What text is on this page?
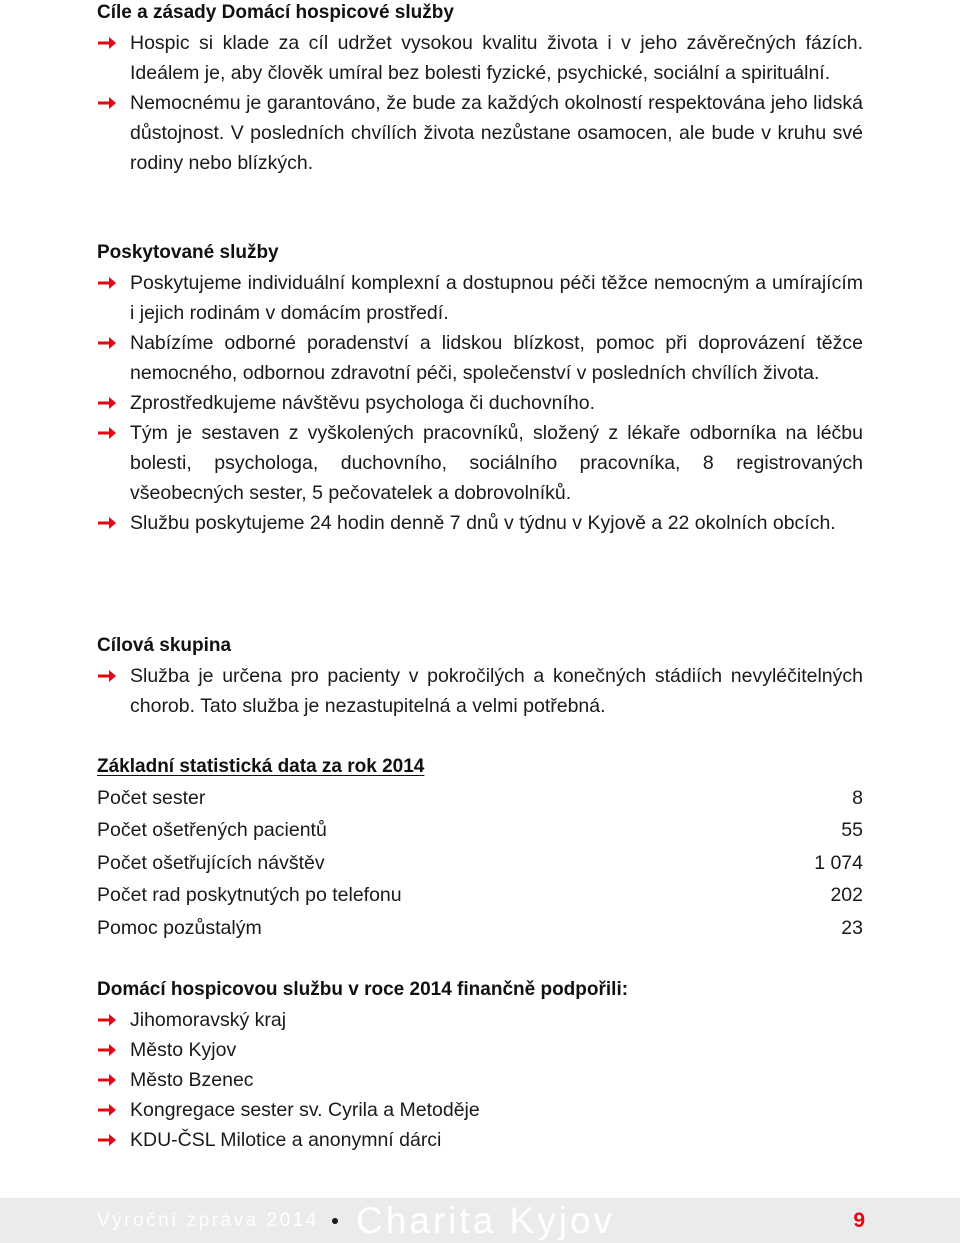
Cíle a zásady Domácí hospicové služby
Hospic si klade za cíl udržet vysokou kvalitu života i v jeho závěrečných fázích. Ideálem je, aby člověk umíral bez bolesti fyzické, psychické, sociální a spirituální.
Nemocnému je garantováno, že bude za každých okolností respektována jeho lidská důstojnost. V posledních chvílích života nezůstane osamocen, ale bude v kruhu své rodiny nebo blízkých.
Poskytované služby
Poskytujeme individuální komplexní a dostupnou péči těžce nemocným a umírajícím i jejich rodinám v domácím prostředí.
Nabízíme odborné poradenství a lidskou blízkost, pomoc při doprovázení těžce nemocného, odbornou zdravotní péči, společenství v posledních chvílích života.
Zprostředkujeme návštěvu psychologa či duchovního.
Tým je sestaven z vyškolených pracovníků, složený z lékaře odborníka na léčbu bolesti, psychologa, duchovního, sociálního pracovníka, 8 registrovaných všeobecných sester, 5 pečovatelek a dobrovolníků.
Službu poskytujeme 24 hodin denně 7 dnů v týdnu v Kyjově a 22 okolních obcích.
Cílová skupina
Služba je určena pro pacienty v pokročilých a konečných stádiích nevyléčitelných chorob. Tato služba je nezastupitelná a velmi potřebná.
Základní statistická data za rok 2014
Počet sester	8
Počet ošetřených pacientů	55
Počet ošetřujících návštěv	1 074
Počet rad poskytnutých po telefonu	202
Pomoc pozůstalým	23
Domácí hospicovou službu v roce 2014 finančně podpořili:
Jihomoravský kraj
Město Kyjov
Město Bzenec
Kongregace sester sv. Cyrila a Metoděje
KDU-ČSL Milotice a anonymní dárci
Výroční zpráva 2014 Charita Kyjov	9
